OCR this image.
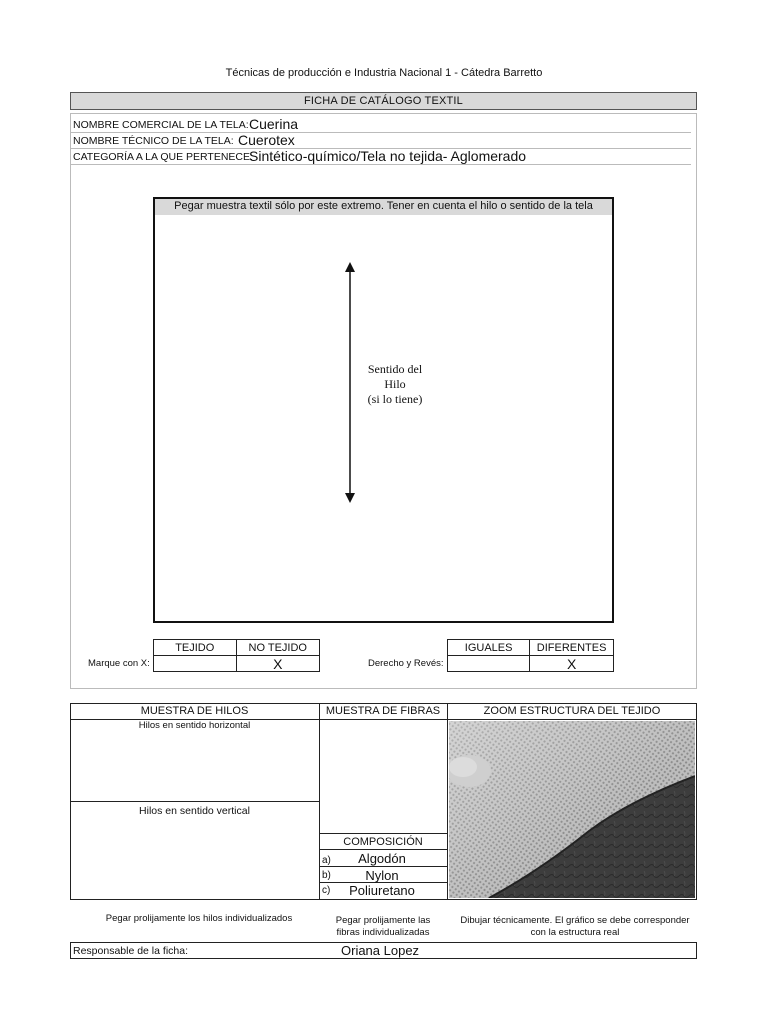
Técnicas de producción e Industria Nacional 1 - Cátedra Barretto
FICHA DE CATÁLOGO TEXTIL
NOMBRE COMERCIAL DE LA TELA: Cuerina
NOMBRE TÉCNICO DE LA TELA: Cuerotex
CATEGORÍA A LA QUE PERTENECE:
Sintético-químico/Tela no tejida- Aglomerado
Pegar muestra textil sólo por este extremo. Tener en cuenta el hilo o sentido de la tela
Sentido del
Hilo
(si lo tiene)
Marque con X:
TEJIDO	NO TEJIDO
	X	Derecho y Revés:
IGUALES	DIFERENTES
	X
MUESTRA DE HILOS	MUESTRA DE FIBRAS	ZOOM ESTRUCTURA DEL TEJIDO
Hilos en sentido horizontal
Hilos en sentido vertical
COMPOSICIÓN
a)	Algodón
b)	Nylon
c)	Poliuretano
Pegar prolijamente los hilos individualizados	Pegar prolijamente las
fibras individualizadas
Dibujar técnicamente. El gráfico se debe corresponder
con la estructura real
Responsable de la ficha:	Oriana Lopez
